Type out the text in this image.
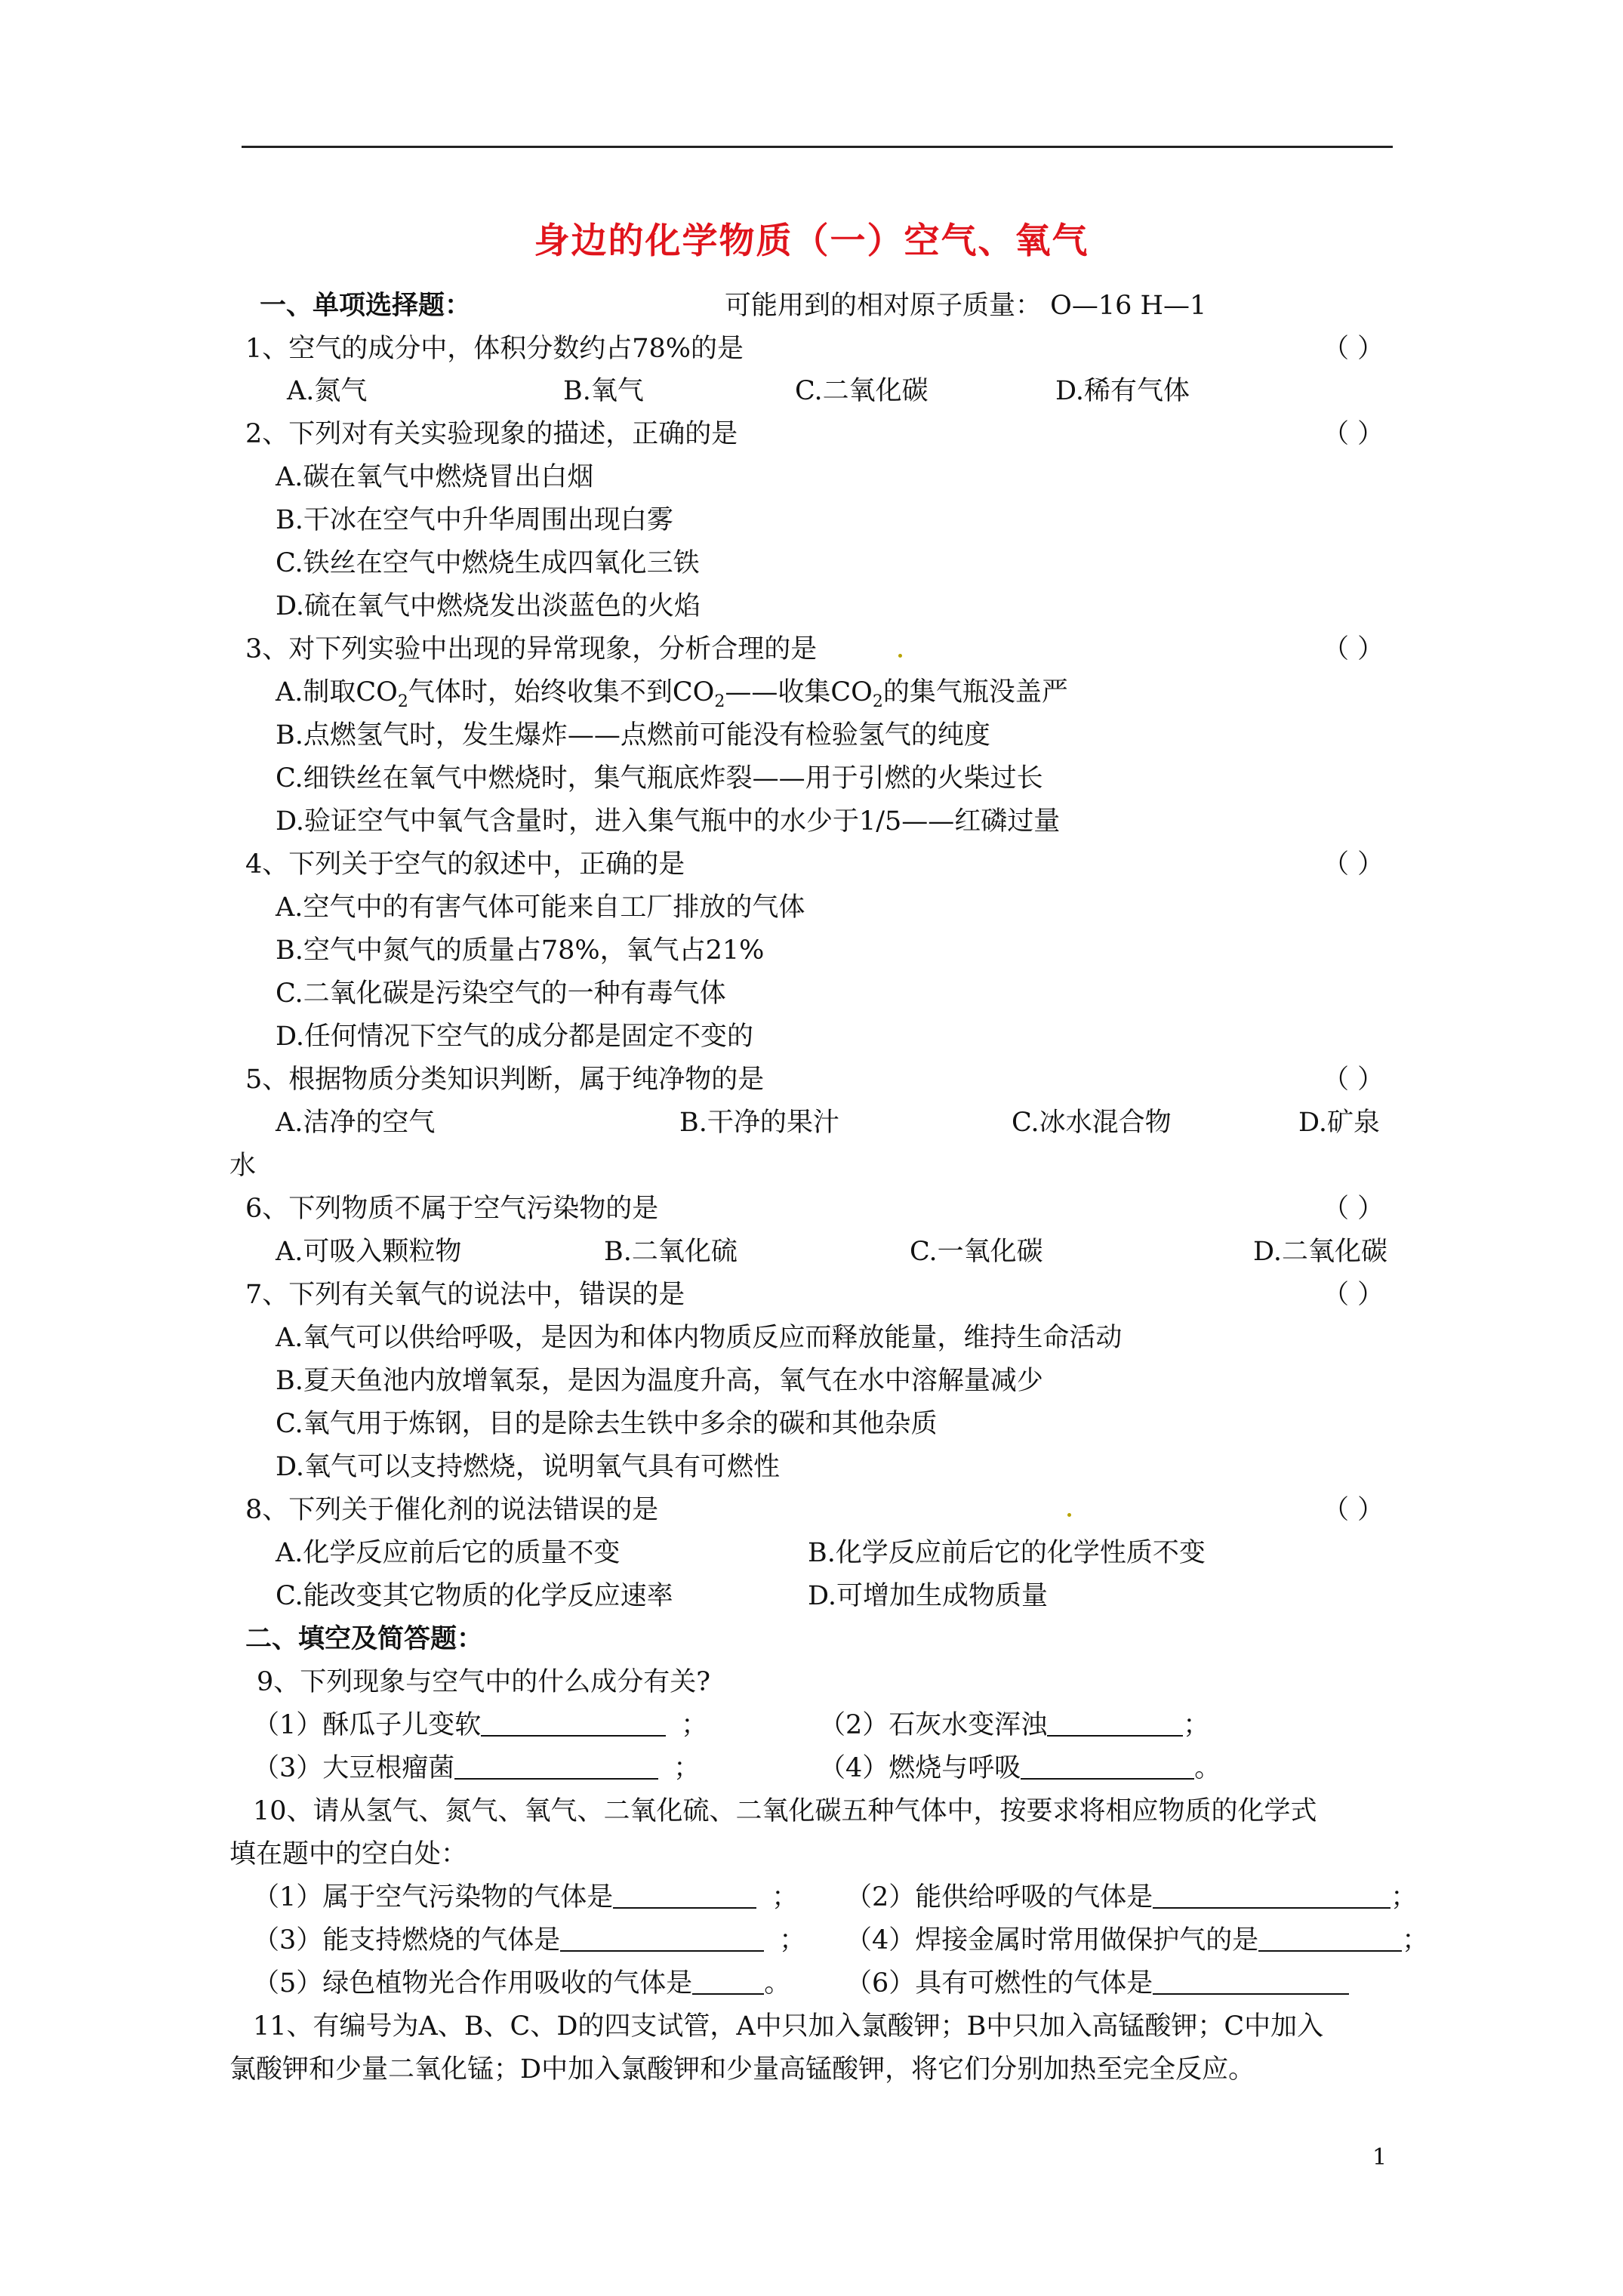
身边的化学物质（一）空气、氧气
一、单项选择题：	可能用到的相对原子质量： O—16 H—1
1、空气的成分中，体积分数约占78%的是	（ ）
A.氮气	B.氧气	C.二氧化碳	D.稀有气体
2、下列对有关实验现象的描述，正确的是	（ ）
A.碳在氧气中燃烧冒出白烟
B.干冰在空气中升华周围出现白雾
C.铁丝在空气中燃烧生成四氧化三铁
D.硫在氧气中燃烧发出淡蓝色的火焰
3、对下列实验中出现的异常现象，分析合理的是	（ ）
A.制取$CO_2$气体时，始终收集不到$CO_2——$收集$CO_2$的集气瓶没盖严
B.点燃氢气时，发生爆炸——点燃前可能没有检验氢气的纯度
C.细铁丝在氧气中燃烧时，集气瓶底炸裂——用于引燃的火柴过长
D.验证空气中氧气含量时，进入集气瓶中的水少于1/5——红磷过量
4、下列关于空气的叙述中，正确的是	（ ）
A.空气中的有害气体可能来自工厂排放的气体
B.空气中氮气的质量占78%，氧气占21%
C.二氧化碳是污染空气的一种有毒气体
D.任何情况下空气的成分都是固定不变的
5、根据物质分类知识判断，属于纯净物的是	（ ）
A.洁净的空气	B.干净的果汁	C.冰水混合物	D.矿泉
水
6、下列物质不属于空气污染物的是	（ ）
A.可吸入颗粒物	B.二氧化硫	C.一氧化碳	D.二氧化碳
7、下列有关氧气的说法中，错误的是	（ ）
A.氧气可以供给呼吸，是因为和体内物质反应而释放能量，维持生命活动
B.夏天鱼池内放增氧泵，是因为温度升高，氧气在水中溶解量减少
C.氧气用于炼钢，目的是除去生铁中多余的碳和其他杂质
D.氧气可以支持燃烧，说明氧气具有可燃性
8、下列关于催化剂的说法错误的是	（ ）
A.化学反应前后它的质量不变	B.化学反应前后它的化学性质不变
C.能改变其它物质的化学反应速率	D.可增加生成物质量
二、填空及简答题：
9、下列现象与空气中的什么成分有关?
（1）酥瓜子儿变软	；	（2）石灰水变浑浊	；
（3）大豆根瘤菌	；	（4）燃烧与呼吸	。
10、请从氢气、氮气、氧气、二氧化硫、二氧化碳五种气体中，按要求将相应物质的化学式
填在题中的空白处：
（1）属于空气污染物的气体是	； （2）能供给呼吸的气体是	；
（3）能支持燃烧的气体是	； （4）焊接金属时常用做保护气的是	；
（5）绿色植物光合作用吸收的气体是	。 （6）具有可燃性的气体是
11、有编号为A、B、C、D的四支试管，A中只加入氯酸钾；B中只加入高锰酸钾；C中加入
氯酸钾和少量二氧化锰；D中加入氯酸钾和少量高锰酸钾，将它们分别加热至完全反应。
1
